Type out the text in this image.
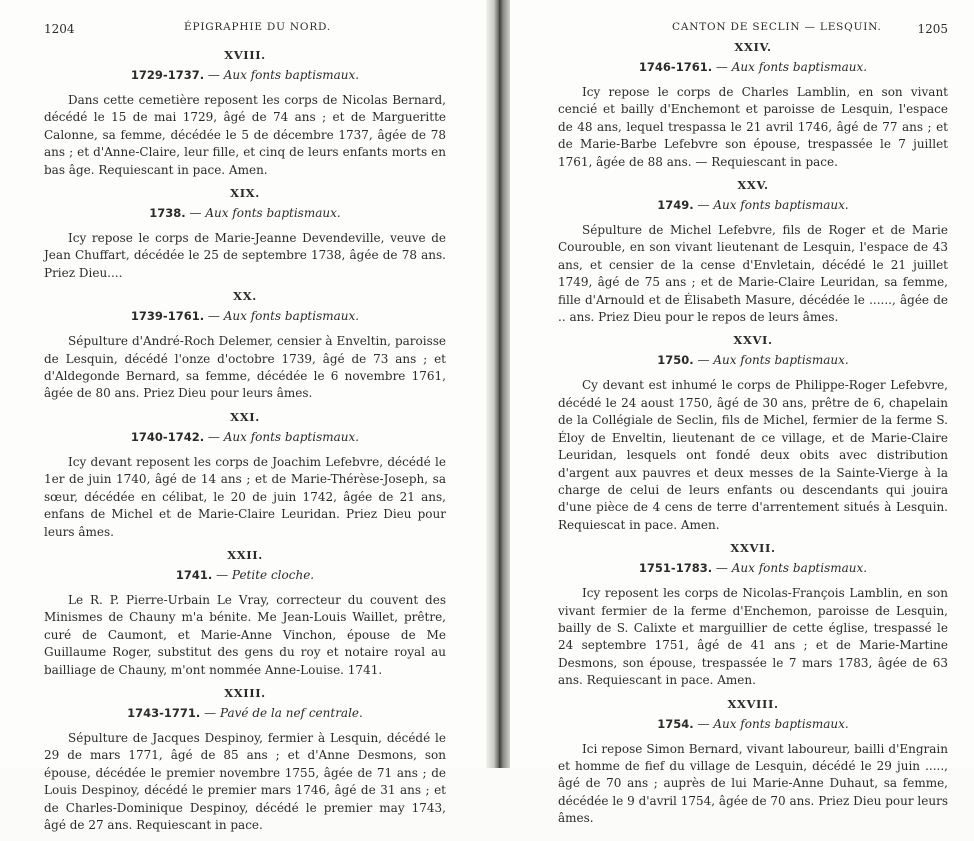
1204	ÉPIGRAPHIE DU NORD.
XVIII.
1729-1737. — Aux fonts baptismaux.

Dans cette cemetière reposent les corps de Nicolas Bernard, décédé le 15 de mai 1729, âgé de 74 ans ; et de Margueritte Calonne, sa femme, décédée le 5 de décembre 1737, âgée de 78 ans ; et d'Anne-Claire, leur fille, et cinq de leurs enfants morts en bas âge. Requiescant in pace. Amen.

XIX.
1738. — Aux fonts baptismaux.

Icy repose le corps de Marie-Jeanne Devendeville, veuve de Jean Chuffart, décédée le 25 de septembre 1738, âgée de 78 ans. Priez Dieu....

XX.
1739-1761. — Aux fonts baptismaux.

Sépulture d'André-Roch Delemer, censier à Enveltin, paroisse de Lesquin, décédé l'onze d'octobre 1739, âgé de 73 ans ; et d'Aldegonde Bernard, sa femme, décédée le 6 novembre 1761, âgée de 80 ans. Priez Dieu pour leurs âmes.

XXI.
1740-1742. — Aux fonts baptismaux.

Icy devant reposent les corps de Joachim Lefebvre, décédé le 1er de juin 1740, âgé de 14 ans ; et de Marie-Thérèse-Joseph, sa sœur, décédée en célibat, le 20 de juin 1742, âgée de 21 ans, enfans de Michel et de Marie-Claire Leuridan. Priez Dieu pour leurs âmes.

XXII.
1741. — Petite cloche.

Le R. P. Pierre-Urbain Le Vray, correcteur du couvent des Minismes de Chauny m'a bénite. Me Jean-Louis Waillet, prêtre, curé de Caumont, et Marie-Anne Vinchon, épouse de Me Guillaume Roger, substitut des gens du roy et notaire royal au bailliage de Chauny, m'ont nommée Anne-Louise. 1741.

XXIII.
1743-1771. — Pavé de la nef centrale.

Sépulture de Jacques Despinoy, fermier à Lesquin, décédé le 29 de mars 1771, âgé de 85 ans ; et d'Anne Desmons, son épouse, décédée le premier novembre 1755, âgée de 71 ans ; de Louis Despinoy, décédé le premier mars 1746, âgé de 31 ans ; et de Charles-Dominique Despinoy, décédé le premier may 1743, âgé de 27 ans. Requiescant in pace.

CANTON DE SECLIN — LESQUIN.	1205
XXIV.
1746-1761. — Aux fonts baptismaux.

Icy repose le corps de Charles Lamblin, en son vivant cencié et bailly d'Enchemont et paroisse de Lesquin, l'espace de 48 ans, lequel trespassa le 21 avril 1746, âgé de 77 ans ; et de Marie-Barbe Lefebvre son épouse, trespassée le 7 juillet 1761, âgée de 88 ans. — Requiescant in pace.

XXV.
1749. — Aux fonts baptismaux.

Sépulture de Michel Lefebvre, fils de Roger et de Marie Courouble, en son vivant lieutenant de Lesquin, l'espace de 43 ans, et censier de la cense d'Envletain, décédé le 21 juillet 1749, âgé de 75 ans ; et de Marie-Claire Leuridan, sa femme, fille d'Arnould et de Élisabeth Masure, décédée le ......, âgée de .. ans. Priez Dieu pour le repos de leurs âmes.

XXVI.
1750. — Aux fonts baptismaux.

Cy devant est inhumé le corps de Philippe-Roger Lefebvre, décédé le 24 aoust 1750, âgé de 30 ans, prêtre de 6, chapelain de la Collégiale de Seclin, fils de Michel, fermier de la ferme S. Éloy de Enveltin, lieutenant de ce village, et de Marie-Claire Leuridan, lesquels ont fondé deux obits avec distribution d'argent aux pauvres et deux messes de la Sainte-Vierge à la charge de celui de leurs enfants ou descendants qui jouira d'une pièce de 4 cens de terre d'arrentement situés à Lesquin. Requiescat in pace. Amen.

XXVII.
1751-1783. — Aux fonts baptismaux.

Icy reposent les corps de Nicolas-François Lamblin, en son vivant fermier de la ferme d'Enchemon, paroisse de Lesquin, bailly de S. Calixte et marguillier de cette église, trespassé le 24 septembre 1751, âgé de 41 ans ; et de Marie-Martine Desmons, son épouse, trespassée le 7 mars 1783, âgée de 63 ans. Requiescant in pace. Amen.

XXVIII.
1754. — Aux fonts baptismaux.

Ici repose Simon Bernard, vivant laboureur, bailli d'Engrain et homme de fief du village de Lesquin, décédé le 29 juin ....., âgé de 70 ans ; auprès de lui Marie-Anne Duhaut, sa femme, décédée le 9 d'avril 1754, âgée de 70 ans. Priez Dieu pour leurs âmes.
